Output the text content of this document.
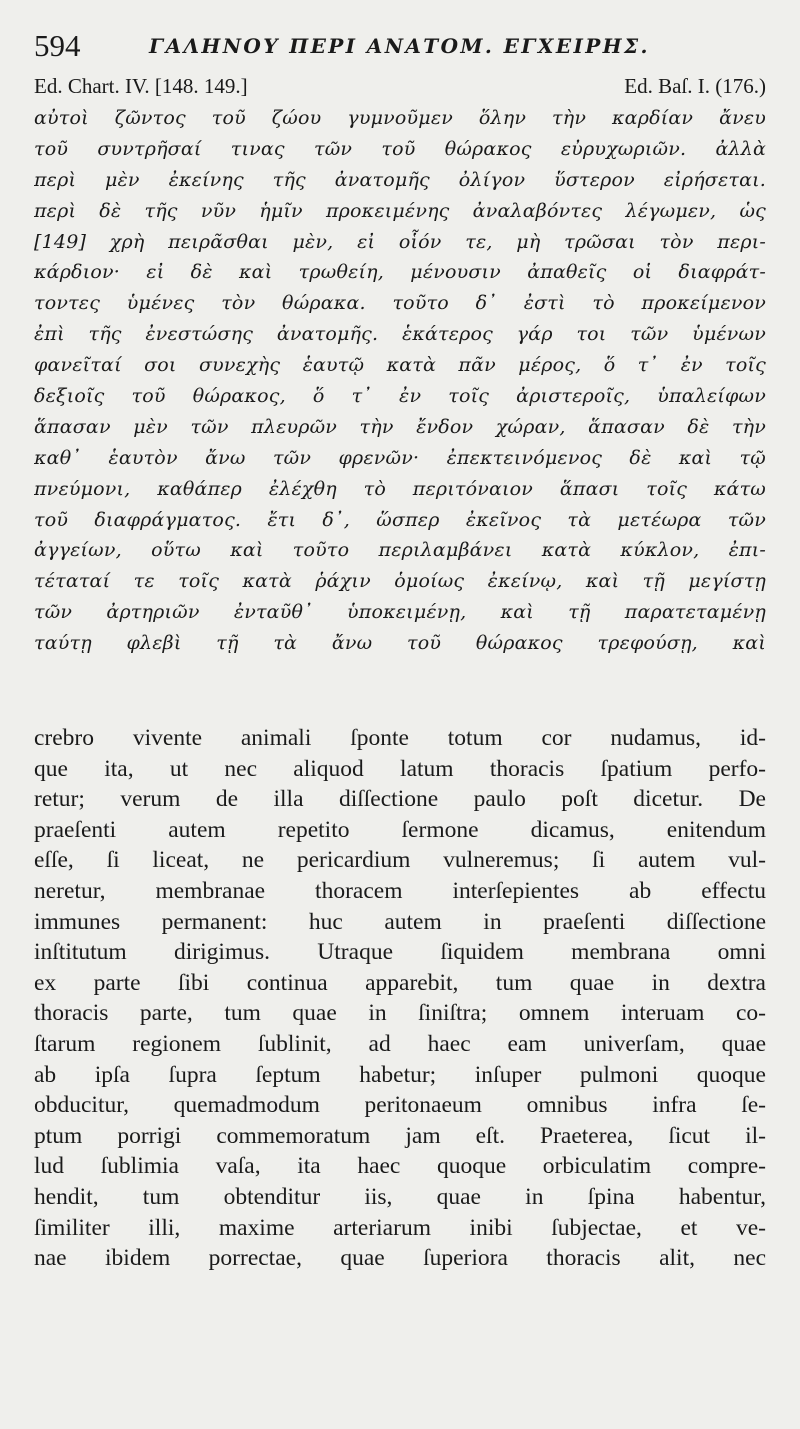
594	ΓΑΛΗΝΟΥ ΠΕΡΙ ΑΝΑΤΟΜ. ΕΓΧΕΙΡΗΣ.
Ed. Chart. IV. [148. 149.]	Ed. Baſ. I. (176.)
αὐτοὶ ζῶντος τοῦ ζώου γυμνοῦμεν ὅλην τὴν καρδίαν ἄνευ
τοῦ συντρῆσαί τινας τῶν τοῦ θώρακος εὐρυχωριῶν. ἀλλὰ
περὶ μὲν ἐκείνης τῆς ἀνατομῆς ὀλίγον ὕστερον εἰρήσεται.
περὶ δὲ τῆς νῦν ἡμῖν προκειμένης ἀναλαβόντες λέγωμεν, ὡς
[149] χρὴ πειρᾶσθαι μὲν, εἰ οἷόν τε, μὴ τρῶσαι τὸν περι-
κάρδιον· εἰ δὲ καὶ τρωθείη, μένουσιν ἀπαθεῖς οἱ διαφράτ-
τοντες ὑμένες τὸν θώρακα. τοῦτο δ᾽ ἐστὶ τὸ προκείμενον
ἐπὶ τῆς ἐνεστώσης ἀνατομῆς. ἑκάτερος γάρ τοι τῶν ὑμένων
φανεῖταί σοι συνεχὴς ἑαυτῷ κατὰ πᾶν μέρος, ὅ τ᾽ ἐν τοῖς
δεξιοῖς τοῦ θώρακος, ὅ τ᾽ ἐν τοῖς ἀριστεροῖς, ὑπαλείφων
ἅπασαν μὲν τῶν πλευρῶν τὴν ἔνδον χώραν, ἅπασαν δὲ τὴν
καθ᾽ ἑαυτὸν ἄνω τῶν φρενῶν· ἐπεκτεινόμενος δὲ καὶ τῷ
πνεύμονι, καθάπερ ἐλέχθη τὸ περιτόναιον ἅπασι τοῖς κάτω
τοῦ διαφράγματος. ἔτι δ᾽, ὥσπερ ἐκεῖνος τὰ μετέωρα τῶν
ἀγγείων, οὕτω καὶ τοῦτο περιλαμβάνει κατὰ κύκλον, ἐπι-
τέταταί τε τοῖς κατὰ ῥάχιν ὁμοίως ἐκείνῳ, καὶ τῇ μεγίστῃ
τῶν ἀρτηριῶν ἐνταῦθ᾽ ὑποκειμένῃ, καὶ τῇ παρατεταμένῃ
ταύτῃ φλεβὶ τῇ τὰ ἄνω τοῦ θώρακος τρεφούσῃ, καὶ
crebro vivente animali ſponte totum cor nudamus, id-
que ita, ut nec aliquod latum thoracis ſpatium perfo-
retur; verum de illa diſſectione paulo poſt dicetur. De
praeſenti autem repetito ſermone dicamus, enitendum
eſſe, ſi liceat, ne pericardium vulneremus; ſi autem vul-
neretur, membranae thoracem interſepientes ab effectu
immunes permanent: huc autem in praeſenti diſſectione
inſtitutum dirigimus. Utraque ſiquidem membrana omni
ex parte ſibi continua apparebit, tum quae in dextra
thoracis parte, tum quae in ſiniſtra; omnem interuam co-
ſtarum regionem ſublinit, ad haec eam univerſam, quae
ab ipſa ſupra ſeptum habetur; inſuper pulmoni quoque
obducitur, quemadmodum peritonaeum omnibus infra ſe-
ptum porrigi commemoratum jam eſt. Praeterea, ſicut il-
lud ſublimia vaſa, ita haec quoque orbiculatim compre-
hendit, tum obtenditur iis, quae in ſpina habentur,
ſimiliter illi, maxime arteriarum inibi ſubjectae, et ve-
nae ibidem porrectae, quae ſuperiora thoracis alit, nec
